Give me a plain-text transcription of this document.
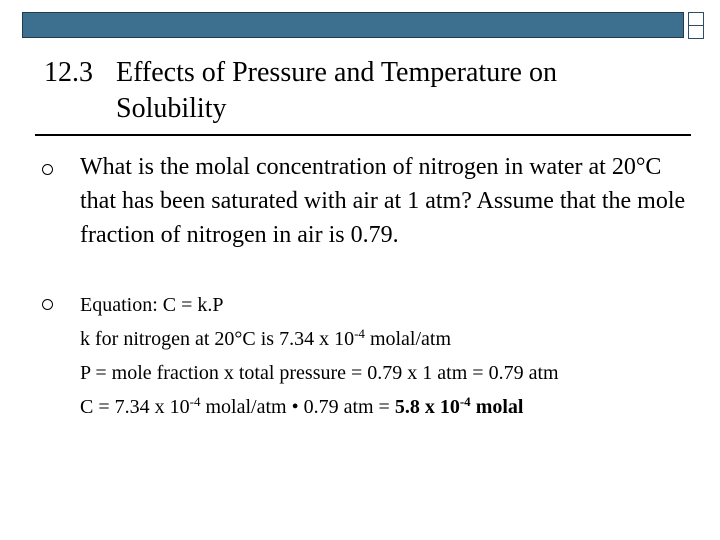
12.3 Effects of Pressure and Temperature on
Solubility
What is the molal concentration of nitrogen in water at 20°C that has been saturated with air at 1 atm? Assume that the mole fraction of nitrogen in air is 0.79.
Equation: C = k.P
k for nitrogen at 20°C is 7.34 x $10^{-4}$ molal/atm
P = mole fraction x total pressure = 0.79 x 1 atm = 0.79 atm
C = 7.34 x $10^{-4}$ molal/atm • 0.79 atm = 5.8 x $10^{-4}$ molal
